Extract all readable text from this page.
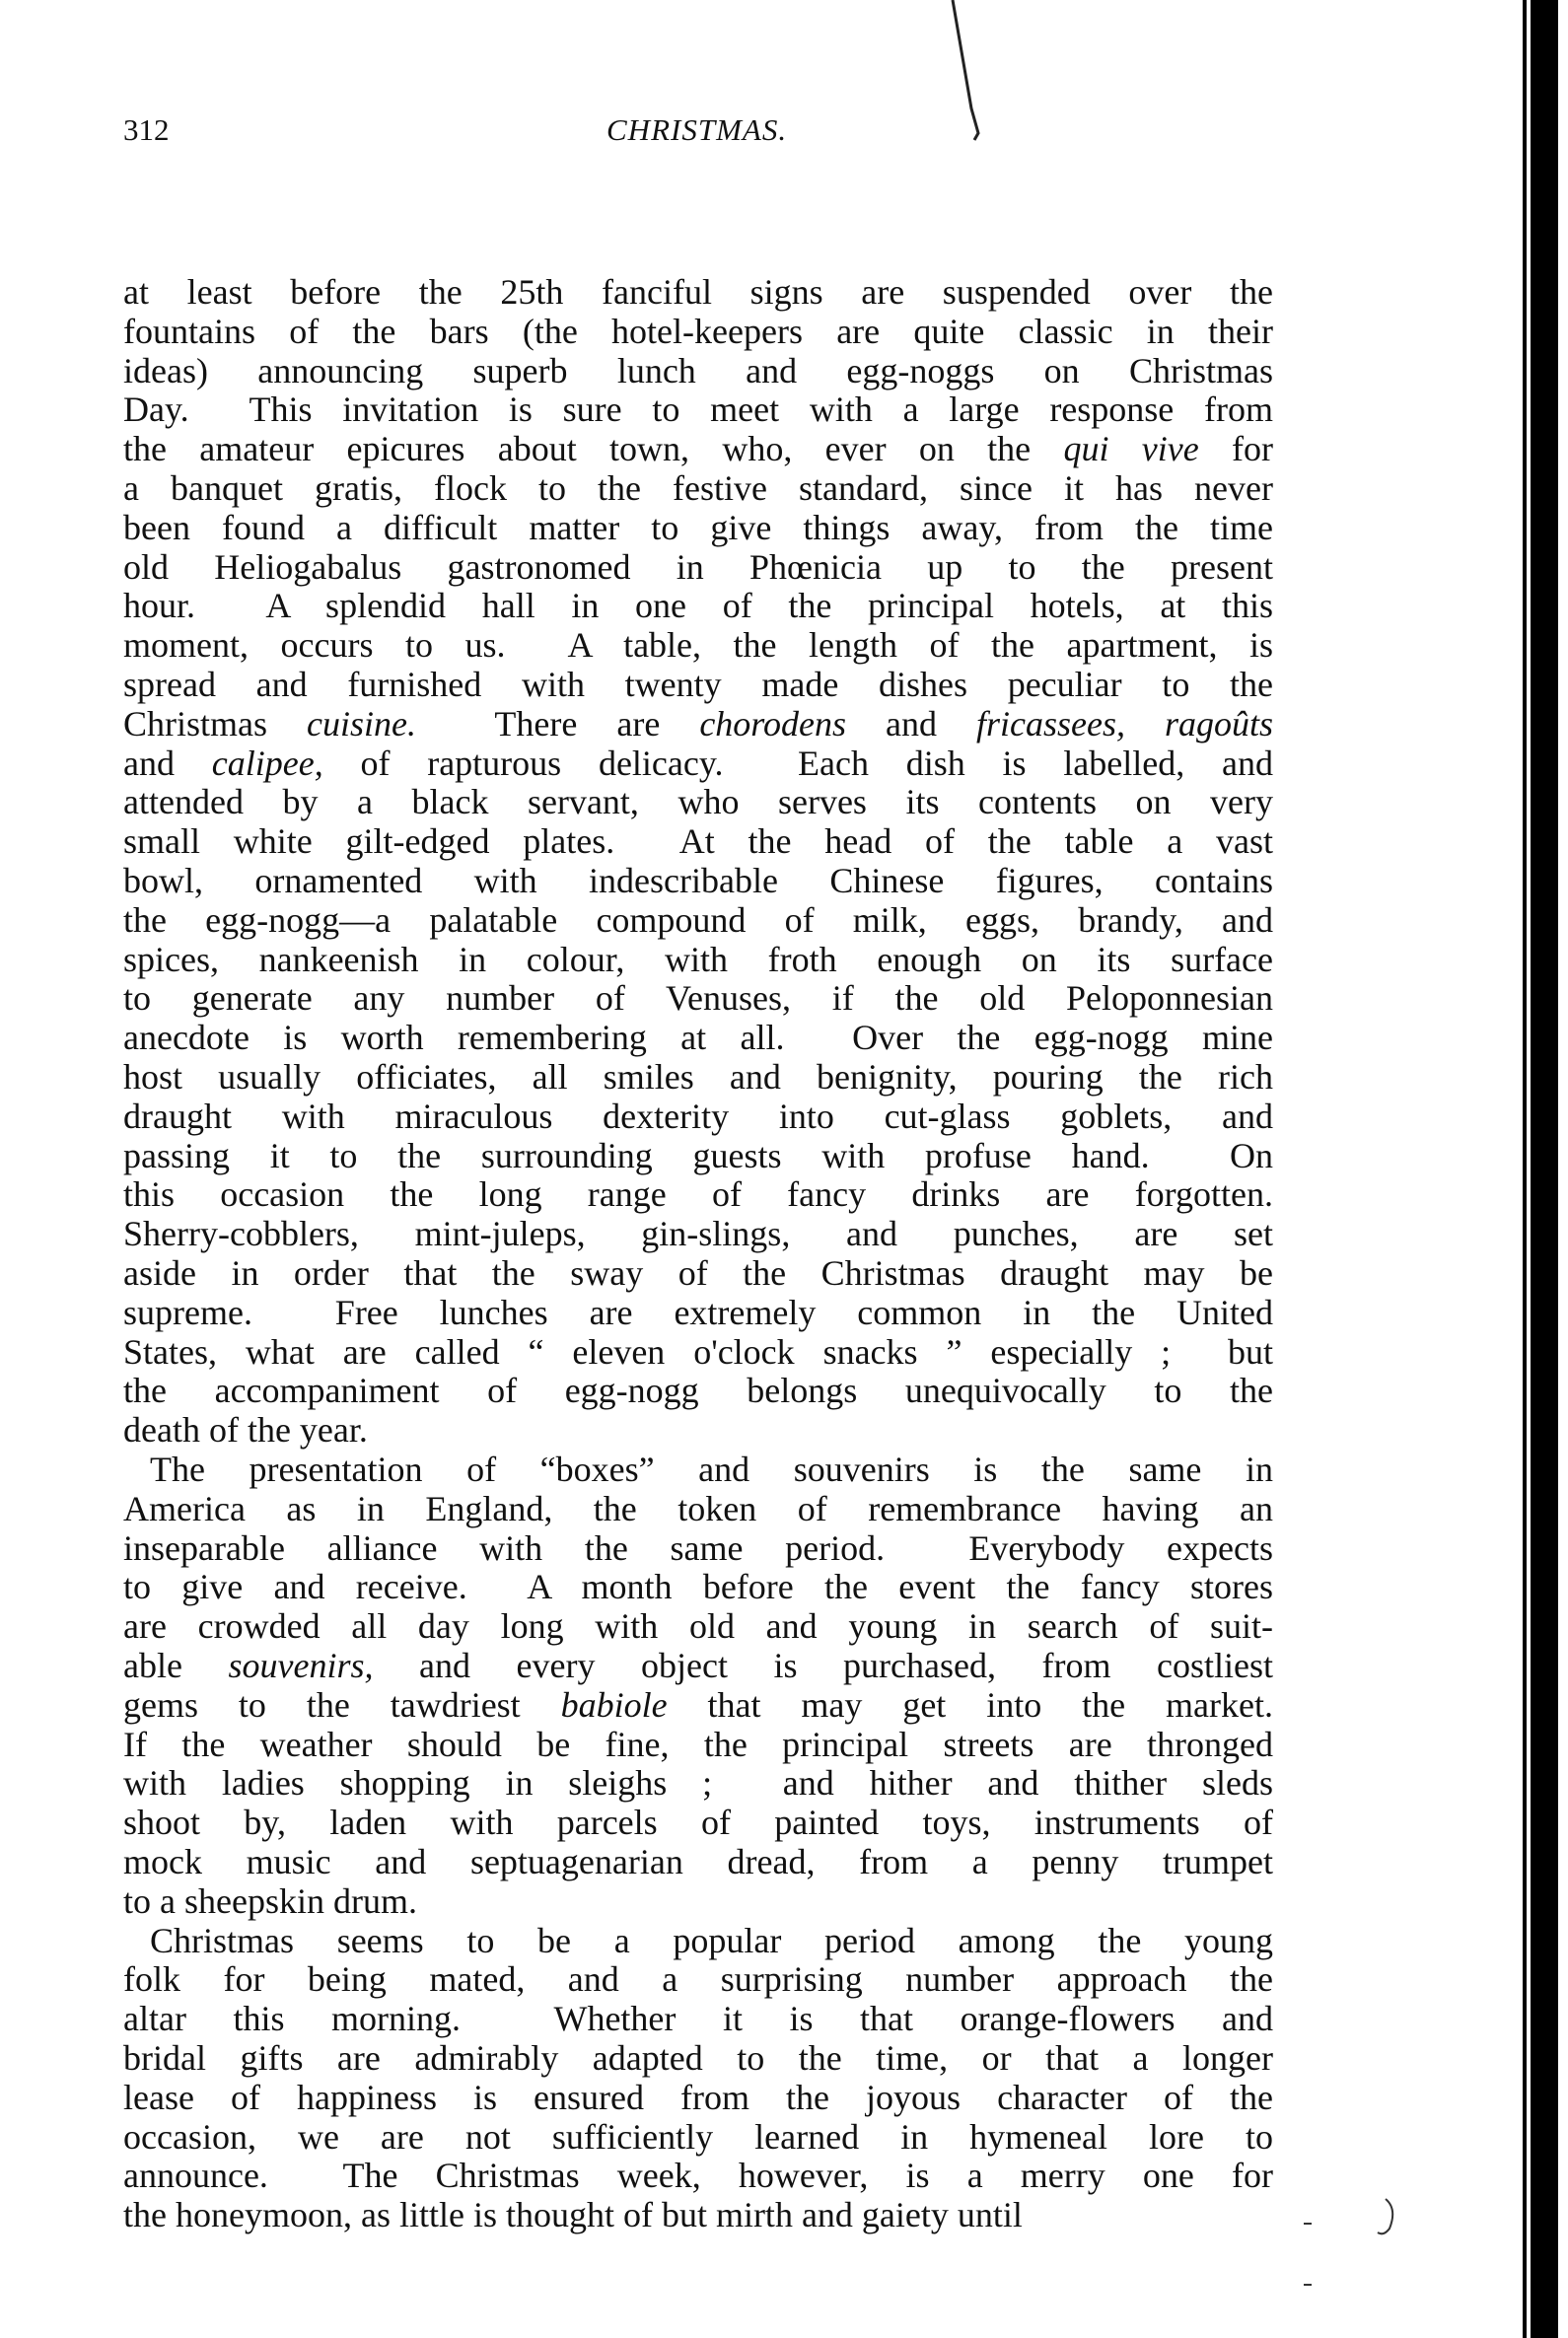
312	CHRISTMAS.
at least before the 25th fanciful signs are suspended over the
fountains of the bars (the hotel-keepers are quite classic in their
ideas) announcing superb lunch and egg-noggs on Christmas
Day.  This invitation is sure to meet with a large response from
the amateur epicures about town, who, ever on the qui vive for
a banquet gratis, flock to the festive standard, since it has never
been found a difficult matter to give things away, from the time
old Heliogabalus gastronomed in Phœnicia up to the present
hour.  A splendid hall in one of the principal hotels, at this
moment, occurs to us.  A table, the length of the apartment, is
spread and furnished with twenty made dishes peculiar to the
Christmas cuisine.  There are chorodens and fricassees, ragoûts
and calipee, of rapturous delicacy.  Each dish is labelled, and
attended by a black servant, who serves its contents on very
small white gilt-edged plates.  At the head of the table a vast
bowl, ornamented with indescribable Chinese figures, contains
the egg-nogg—a palatable compound of milk, eggs, brandy, and
spices, nankeenish in colour, with froth enough on its surface
to generate any number of Venuses, if the old Peloponnesian
anecdote is worth remembering at all.  Over the egg-nogg mine
host usually officiates, all smiles and benignity, pouring the rich
draught with miraculous dexterity into cut-glass goblets, and
passing it to the surrounding guests with profuse hand.  On
this occasion the long range of fancy drinks are forgotten.
Sherry-cobblers, mint-juleps, gin-slings, and punches, are set
aside in order that the sway of the Christmas draught may be
supreme.  Free lunches are extremely common in the United
States, what are called “ eleven o'clock snacks ” especially ;  but
the accompaniment of egg-nogg belongs unequivocally to the
death of the year.
The presentation of “boxes” and souvenirs is the same in
America as in England, the token of remembrance having an
inseparable alliance with the same period.  Everybody expects
to give and receive.  A month before the event the fancy stores
are crowded all day long with old and young in search of suit-
able souvenirs, and every object is purchased, from costliest
gems to the tawdriest babiole that may get into the market.
If the weather should be fine, the principal streets are thronged
with ladies shopping in sleighs ;  and hither and thither sleds
shoot by, laden with parcels of painted toys, instruments of
mock music and septuagenarian dread, from a penny trumpet
to a sheepskin drum.
Christmas seems to be a popular period among the young
folk for being mated, and a surprising number approach the
altar this morning.  Whether it is that orange-flowers and
bridal gifts are admirably adapted to the time, or that a longer
lease of happiness is ensured from the joyous character of the
occasion, we are not sufficiently learned in hymeneal lore to
announce.  The Christmas week, however, is a merry one for
the honeymoon, as little is thought of but mirth and gaiety until
